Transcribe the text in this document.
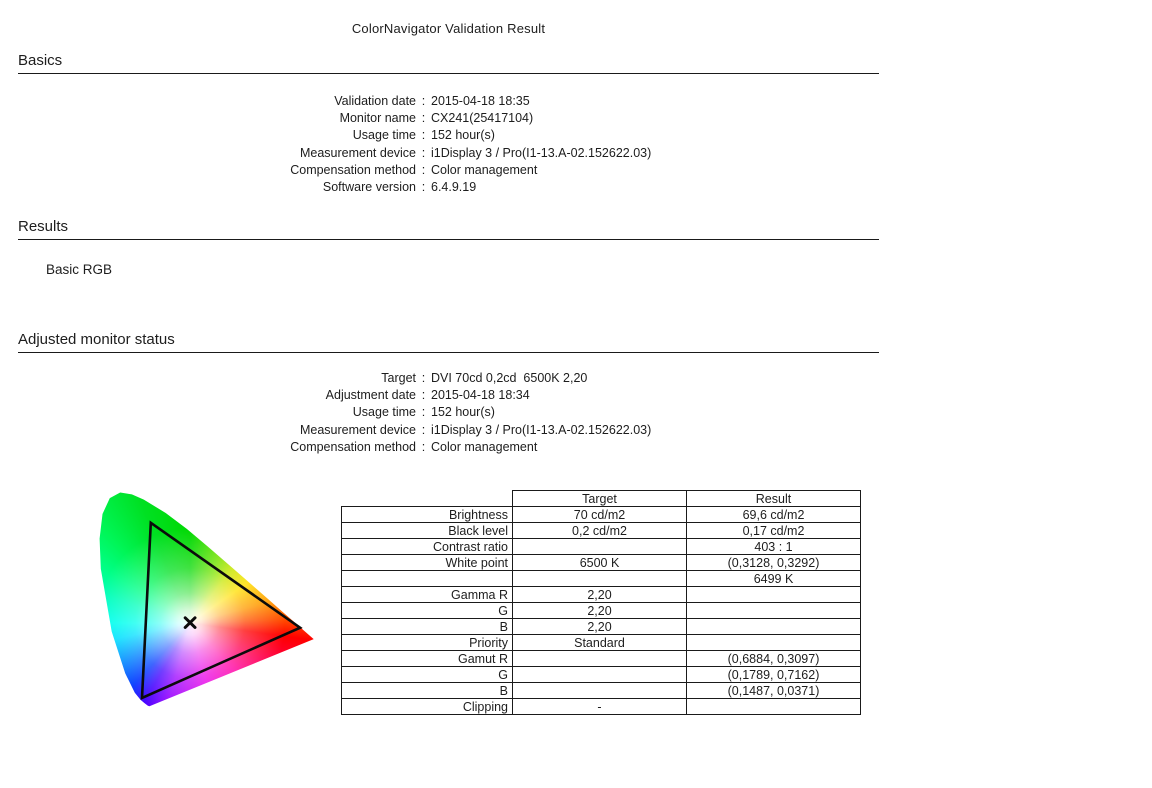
ColorNavigator Validation Result
Basics
Validation date : 2015-04-18 18:35
Monitor name : CX241(25417104)
Usage time : 152 hour(s)
Measurement device : i1Display 3 / Pro(I1-13.A-02.152622.03)
Compensation method : Color management
Software version : 6.4.9.19
Results
Basic RGB
Adjusted monitor status
Target : DVI 70cd 0,2cd  6500K 2,20
Adjustment date : 2015-04-18 18:34
Usage time : 152 hour(s)
Measurement device : i1Display 3 / Pro(I1-13.A-02.152622.03)
Compensation method : Color management
	Target	Result
Brightness	70 cd/m2	69,6 cd/m2
Black level	0,2 cd/m2	0,17 cd/m2
Contrast ratio		403 : 1
White point	6500 K	(0,3128, 0,3292)
		6499 K
Gamma R	2,20	
G	2,20	
B	2,20	
Priority	Standard	
Gamut R		(0,6884, 0,3097)
G		(0,1789, 0,7162)
B		(0,1487, 0,0371)
Clipping	-	
